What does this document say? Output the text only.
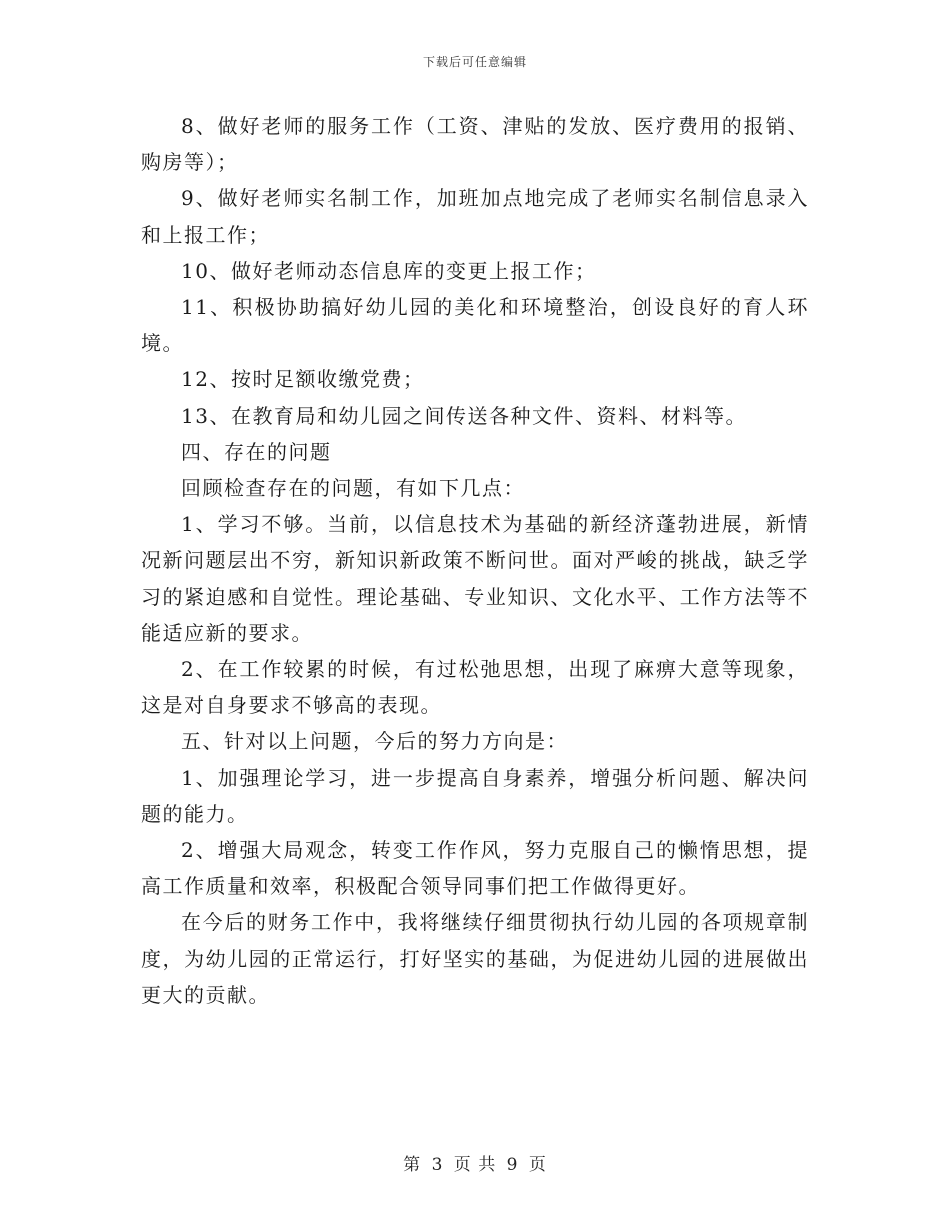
下载后可任意编辑

8、做好老师的服务工作（工资、津贴的发放、医疗费用的报销、购房等）；

9、做好老师实名制工作，加班加点地完成了老师实名制信息录入和上报工作；

10、做好老师动态信息库的变更上报工作；

11、积极协助搞好幼儿园的美化和环境整治，创设良好的育人环境。

12、按时足额收缴党费；

13、在教育局和幼儿园之间传送各种文件、资料、材料等。

四、存在的问题

回顾检查存在的问题，有如下几点：

1、学习不够。当前，以信息技术为基础的新经济蓬勃进展，新情况新问题层出不穷，新知识新政策不断问世。面对严峻的挑战，缺乏学习的紧迫感和自觉性。理论基础、专业知识、文化水平、工作方法等不能适应新的要求。

2、在工作较累的时候，有过松弛思想，出现了麻痹大意等现象，这是对自身要求不够高的表现。

五、针对以上问题，今后的努力方向是：

1、加强理论学习，进一步提高自身素养，增强分析问题、解决问题的能力。

2、增强大局观念，转变工作作风，努力克服自己的懒惰思想，提高工作质量和效率，积极配合领导同事们把工作做得更好。

在今后的财务工作中，我将继续仔细贯彻执行幼儿园的各项规章制度，为幼儿园的正常运行，打好坚实的基础，为促进幼儿园的进展做出更大的贡献。

第 3 页 共 9 页
